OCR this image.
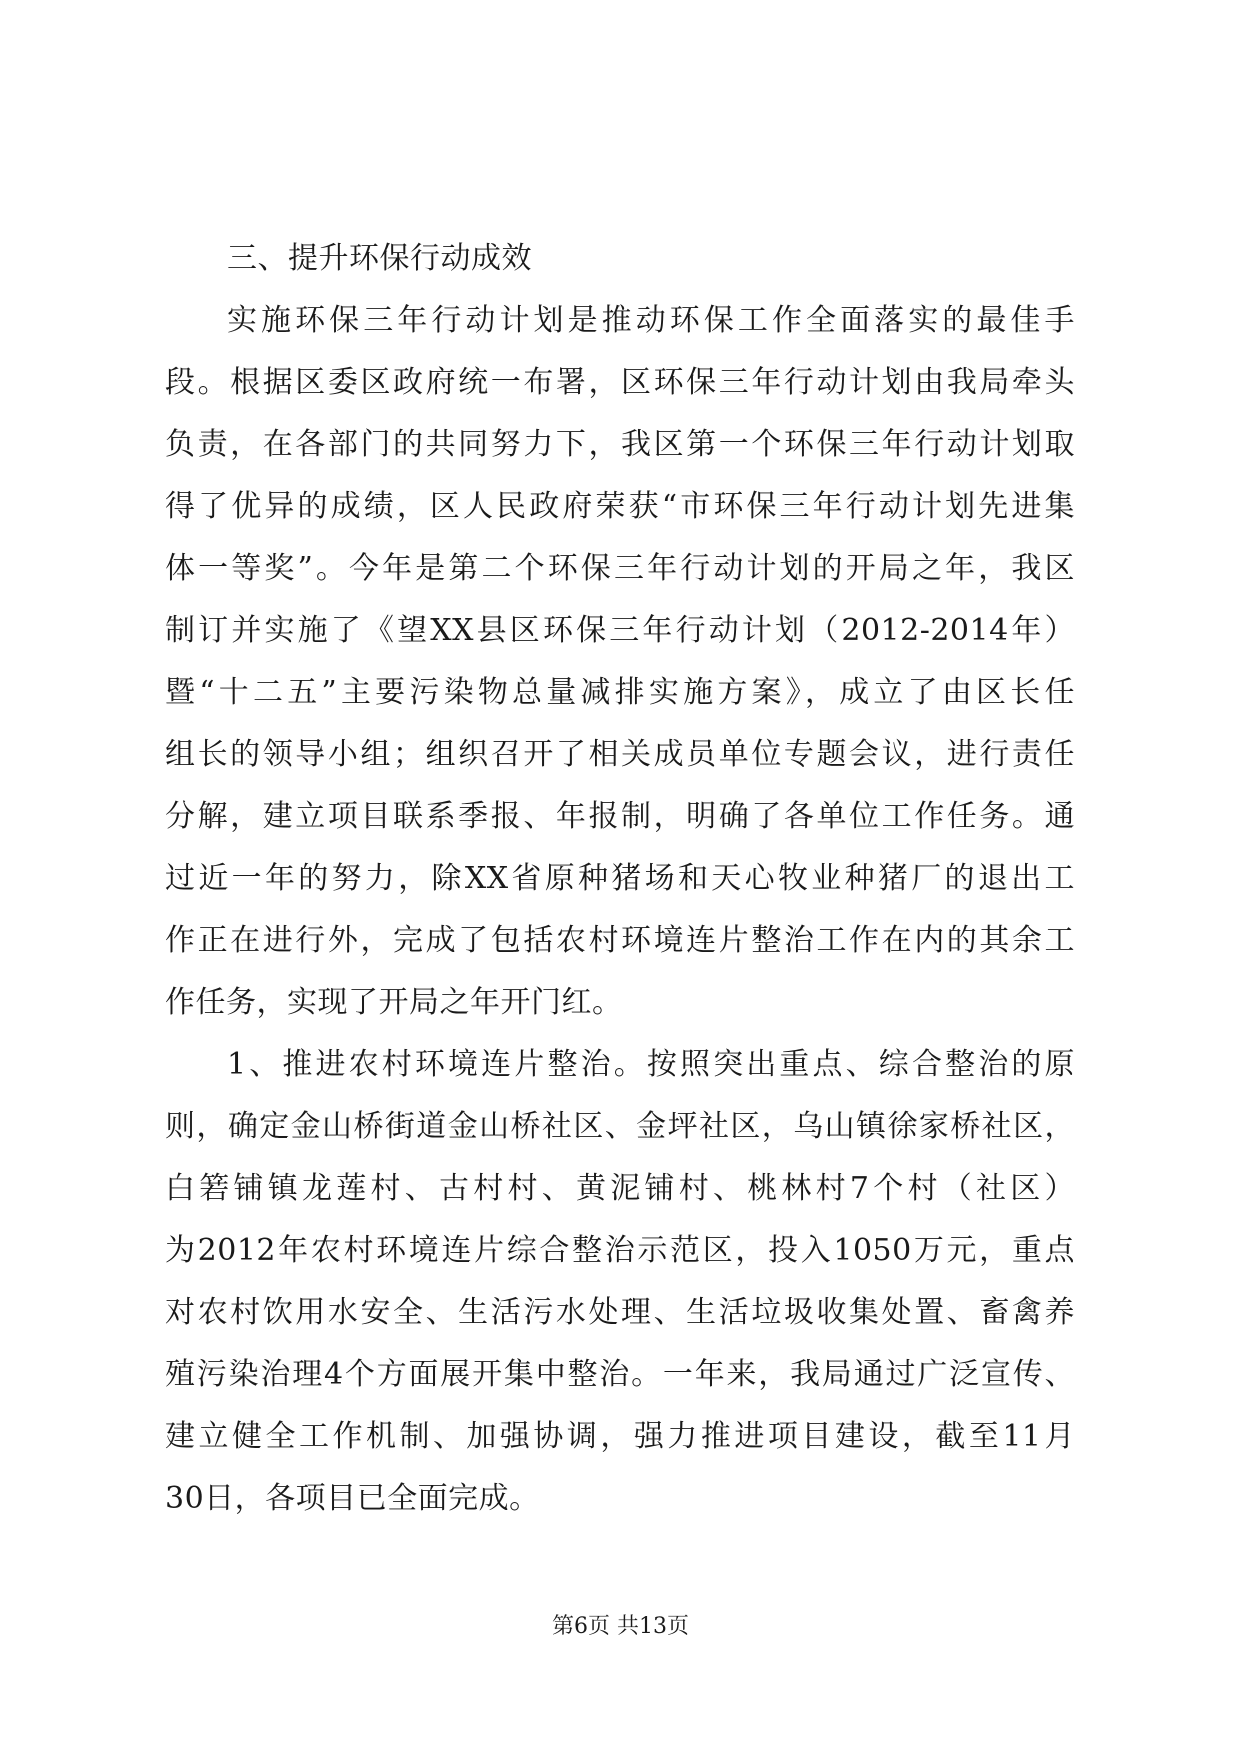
三、提升环保行动成效
实施环保三年行动计划是推动环保工作全面落实的最佳手
段。根据区委区政府统一布署，区环保三年行动计划由我局牵头
负责，在各部门的共同努力下，我区第一个环保三年行动计划取
得了优异的成绩，区人民政府荣获“市环保三年行动计划先进集
体一等奖”。今年是第二个环保三年行动计划的开局之年，我区
制订并实施了《望XX县区环保三年行动计划（2012-2014年）
暨“十二五”主要污染物总量减排实施方案》，成立了由区长任
组长的领导小组；组织召开了相关成员单位专题会议，进行责任
分解，建立项目联系季报、年报制，明确了各单位工作任务。通
过近一年的努力，除XX省原种猪场和天心牧业种猪厂的退出工
作正在进行外，完成了包括农村环境连片整治工作在内的其余工
作任务，实现了开局之年开门红。
1、推进农村环境连片整治。按照突出重点、综合整治的原
则，确定金山桥街道金山桥社区、金坪社区，乌山镇徐家桥社区，
白箬铺镇龙莲村、古村村、黄泥铺村、桃林村7个村（社区）
为2012年农村环境连片综合整治示范区，投入1050万元，重点
对农村饮用水安全、生活污水处理、生活垃圾收集处置、畜禽养
殖污染治理4个方面展开集中整治。一年来，我局通过广泛宣传、
建立健全工作机制、加强协调，强力推进项目建设，截至11月
30日，各项目已全面完成。
第6页 共13页
